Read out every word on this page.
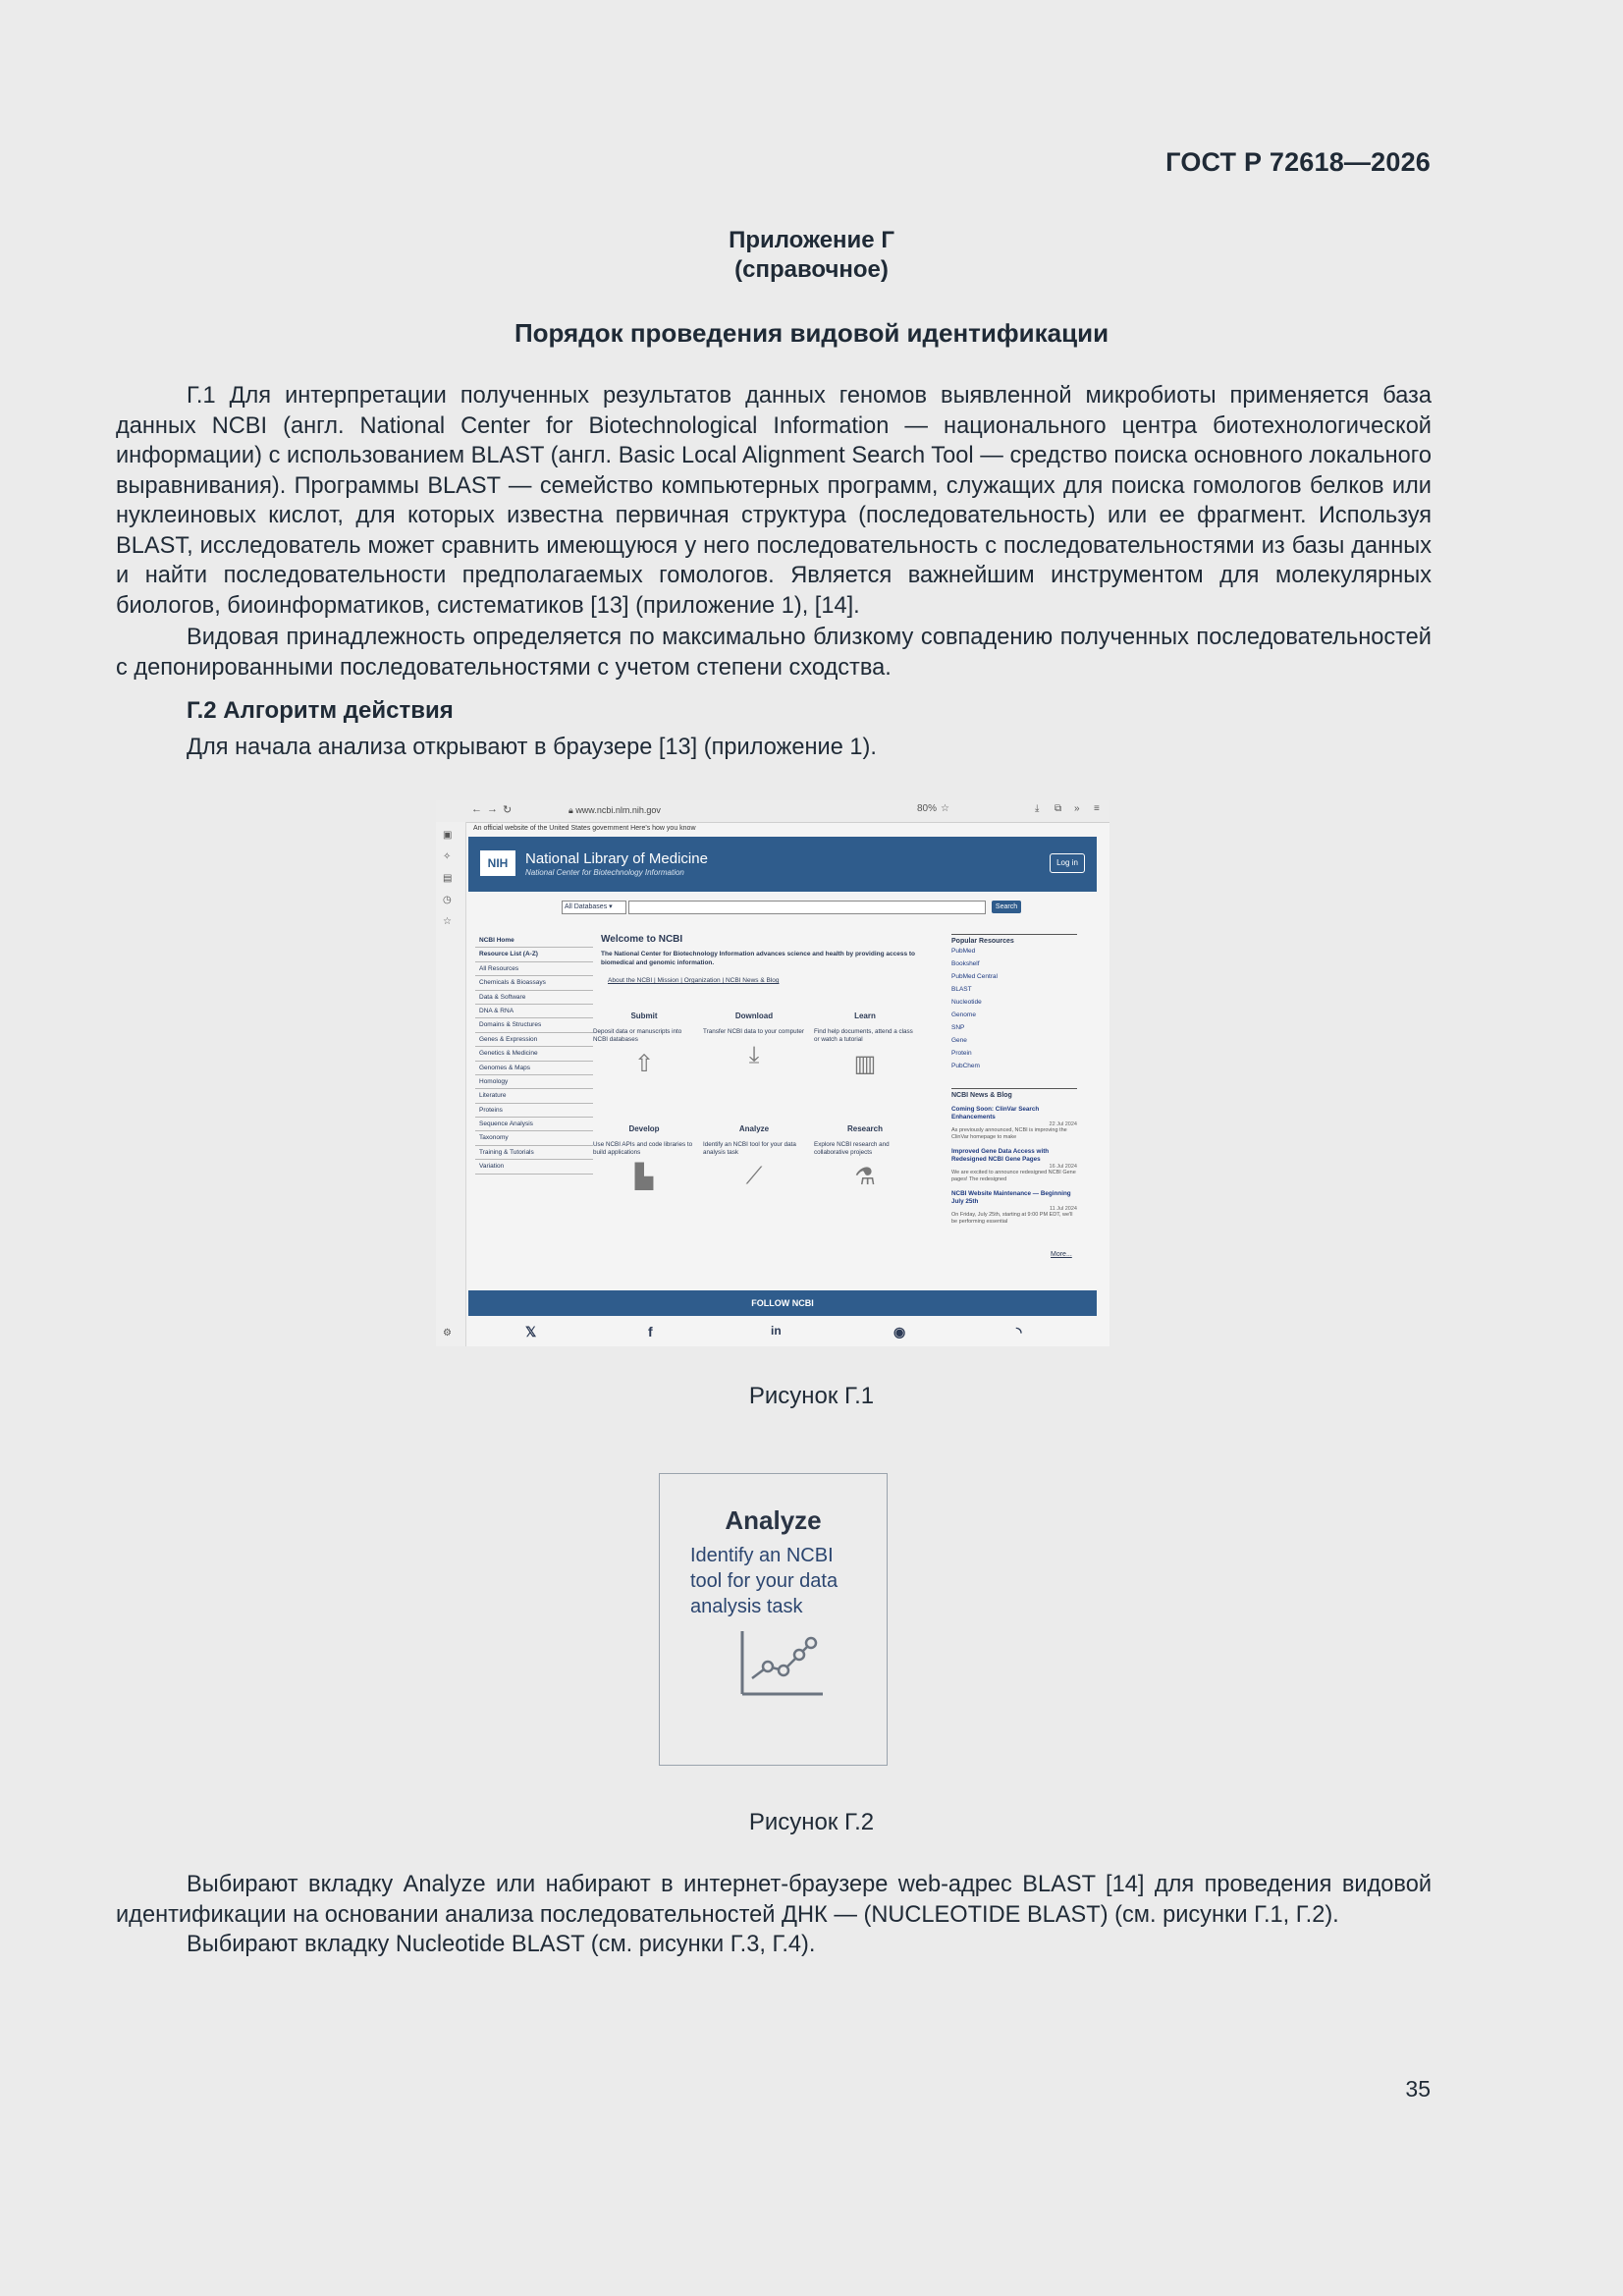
ГОСТ Р 72618—2026
Приложение Г
(справочное)
Порядок проведения видовой идентификации

Г.1 Для интерпретации полученных результатов данных геномов выявленной микробиоты применяется база данных NCBI (англ. National Center for Biotechnological Information — национального центра биотехнологической информации) с использованием BLAST (англ. Basic Local Alignment Search Tool — средство поиска основного локального выравнивания). Программы BLAST — семейство компьютерных программ, служащих для поиска гомологов белков или нуклеиновых кислот, для которых известна первичная структура (последовательность) или ее фрагмент. Используя BLAST, исследователь может сравнить имеющуюся у него последовательность с последовательностями из базы данных и найти последовательности предполагаемых гомологов. Является важнейшим инструментом для молекулярных биологов, биоинформатиков, систематиков [13] (приложение 1), [14].

Видовая принадлежность определяется по максимально близкому совпадению полученных последовательностей с депонированными последовательностями с учетом степени сходства.

Г.2 Алгоритм действия
Для начала анализа открывают в браузере [13] (приложение 1).
← → ↻	🔒︎ www.ncbi.nlm.nih.gov	80% ☆	⤓ ⧉ » ≡
▣
✧
▤
◷
☆
⚙
An official website of the United States government Here's how you know
NIH	National Library of Medicine
National Center for Biotechnology Information
Log in
All Databases ▾	Search
NCBI Home
Resource List (A-Z)
All Resources
Chemicals & Bioassays
Data & Software
DNA & RNA
Domains & Structures
Genes & Expression
Genetics & Medicine
Genomes & Maps
Homology
Literature
Proteins
Sequence Analysis
Taxonomy
Training & Tutorials
Variation
Welcome to NCBI
The National Center for Biotechnology Information advances science and health by providing access to biomedical and genomic information.
About the NCBI | Mission | Organization | NCBI News & Blog
Submit
Deposit data or manuscripts into NCBI databases
⇧
Download
Transfer NCBI data to your computer
⤓
Learn
Find help documents, attend a class or watch a tutorial
▥
Develop
Use NCBI APIs and code libraries to build applications
▙
Analyze
Identify an NCBI tool for your data analysis task
⟋
Research
Explore NCBI research and collaborative projects
⚗
Popular Resources
PubMed
Bookshelf
PubMed Central
BLAST
Nucleotide
Genome
SNP
Gene
Protein
PubChem
NCBI News & Blog
Coming Soon: ClinVar Search Enhancements
22 Jul 2024
As previously announced, NCBI is improving the ClinVar homepage to make
Improved Gene Data Access with Redesigned NCBI Gene Pages
16 Jul 2024
We are excited to announce redesigned NCBI Gene pages! The redesigned
NCBI Website Maintenance — Beginning July 25th
11 Jul 2024
On Friday, July 25th, starting at 9:00 PM EDT, we'll be performing essential
More...
FOLLOW NCBI
𝕏	f	in	◉	◝
Рисунок Г.1
Analyze
Identify an NCBI tool for your data analysis task
Рисунок Г.2

Выбирают вкладку Analyze или набирают в интернет-браузере web-адрес BLAST [14] для проведения видовой идентификации на основании анализа последовательностей ДНК — (NUCLEOTIDE BLAST) (см. рисунки Г.1, Г.2).

Выбирают вкладку Nucleotide BLAST (см. рисунки Г.3, Г.4).

35
